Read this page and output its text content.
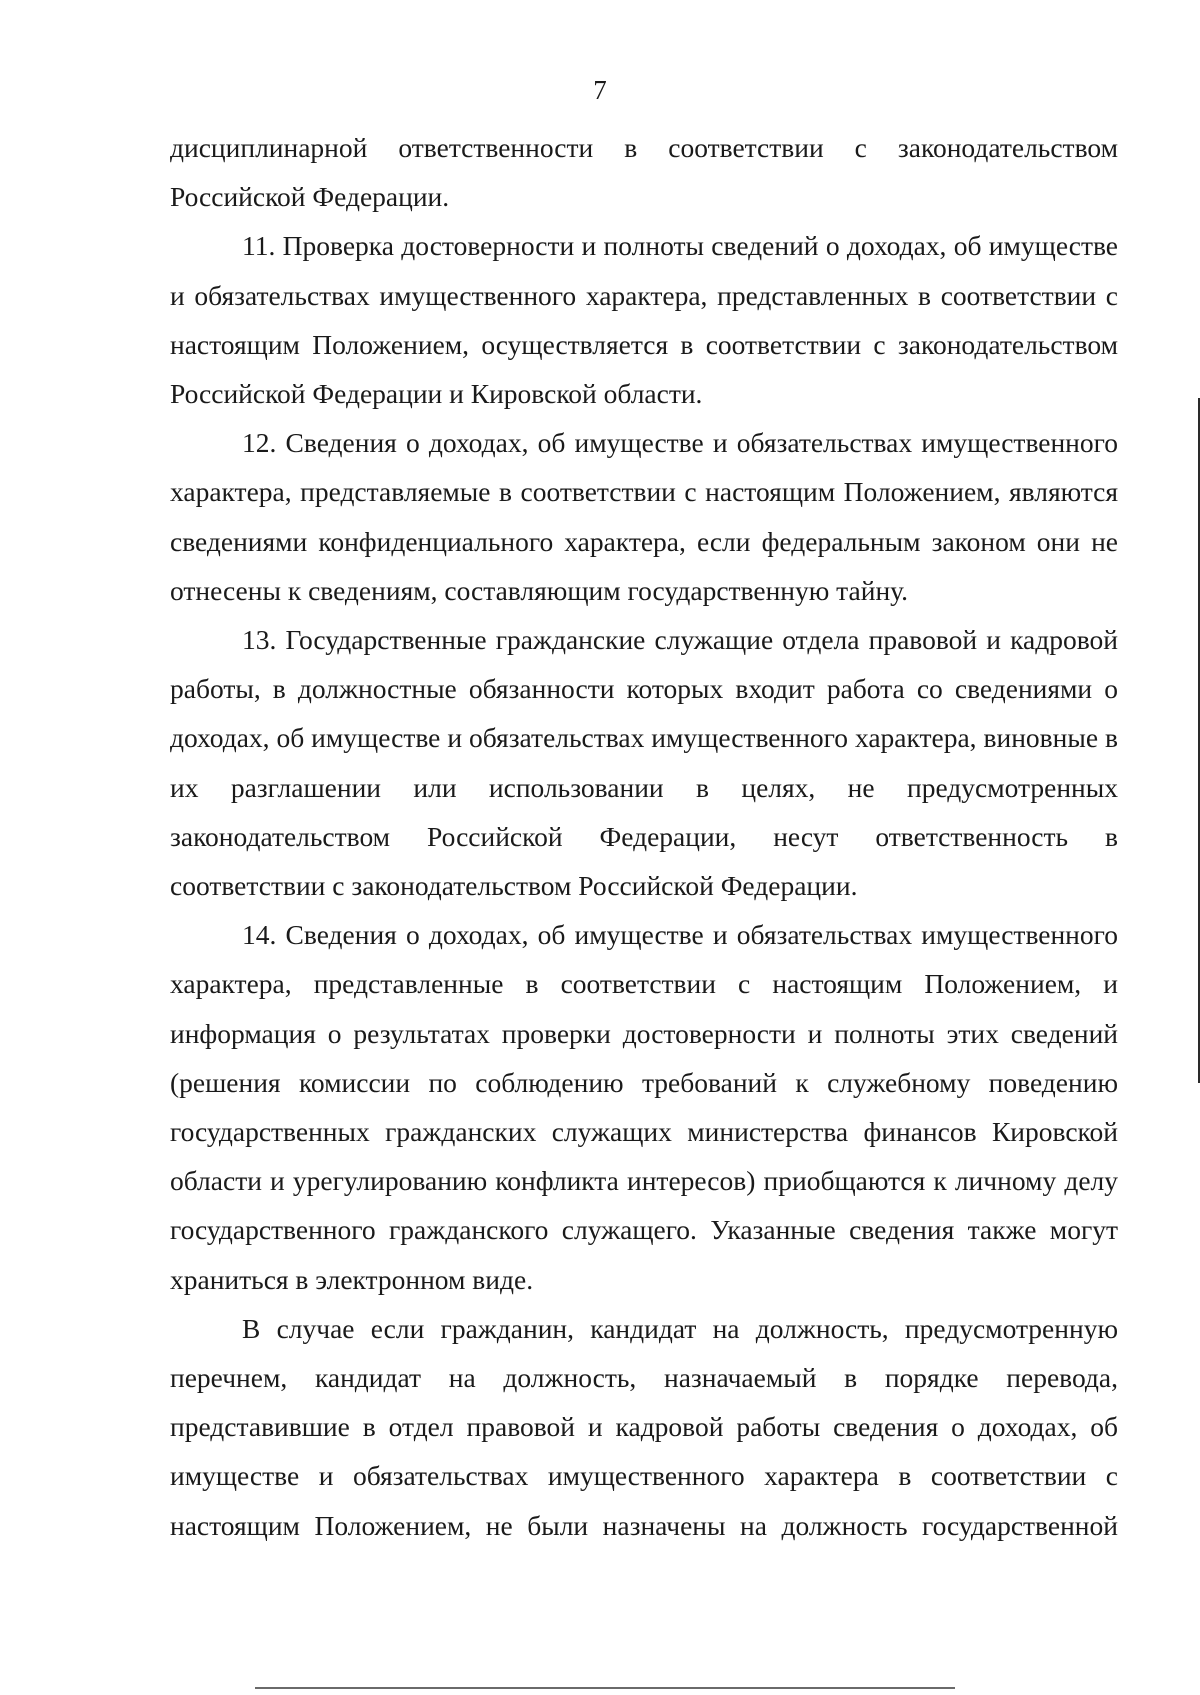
7

дисциплинарной ответственности в соответствии с законодательством Российской Федерации.

11. Проверка достоверности и полноты сведений о доходах, об имуществе и обязательствах имущественного характера, представленных в соответствии с настоящим Положением, осуществляется в соответствии с законодательством Российской Федерации и Кировской области.

12. Сведения о доходах, об имуществе и обязательствах имущественного характера, представляемые в соответствии с настоящим Положением, являются сведениями конфиденциального характера, если федеральным законом они не отнесены к сведениям, составляющим государственную тайну.

13. Государственные гражданские служащие отдела правовой и кадровой работы, в должностные обязанности которых входит работа со сведениями о доходах, об имуществе и обязательствах имущественного характера, виновные в их разглашении или использовании в целях, не предусмотренных законодательством Российской Федерации, несут ответственность в соответствии с законодательством Российской Федерации.

14. Сведения о доходах, об имуществе и обязательствах имущественного характера, представленные в соответствии с настоящим Положением, и информация о результатах проверки достоверности и полноты этих сведений (решения комиссии по соблюдению требований к служебному поведению государственных гражданских служащих министерства финансов Кировской области и урегулированию конфликта интересов) приобщаются к личному делу государственного гражданского служащего. Указанные сведения также могут храниться в электронном виде.

В случае если гражданин, кандидат на должность, предусмотренную перечнем, кандидат на должность, назначаемый в порядке перевода, представившие в отдел правовой и кадровой работы сведения о доходах, об имуществе и обязательствах имущественного характера в соответствии с настоящим Положением, не были назначены на должность государственной
